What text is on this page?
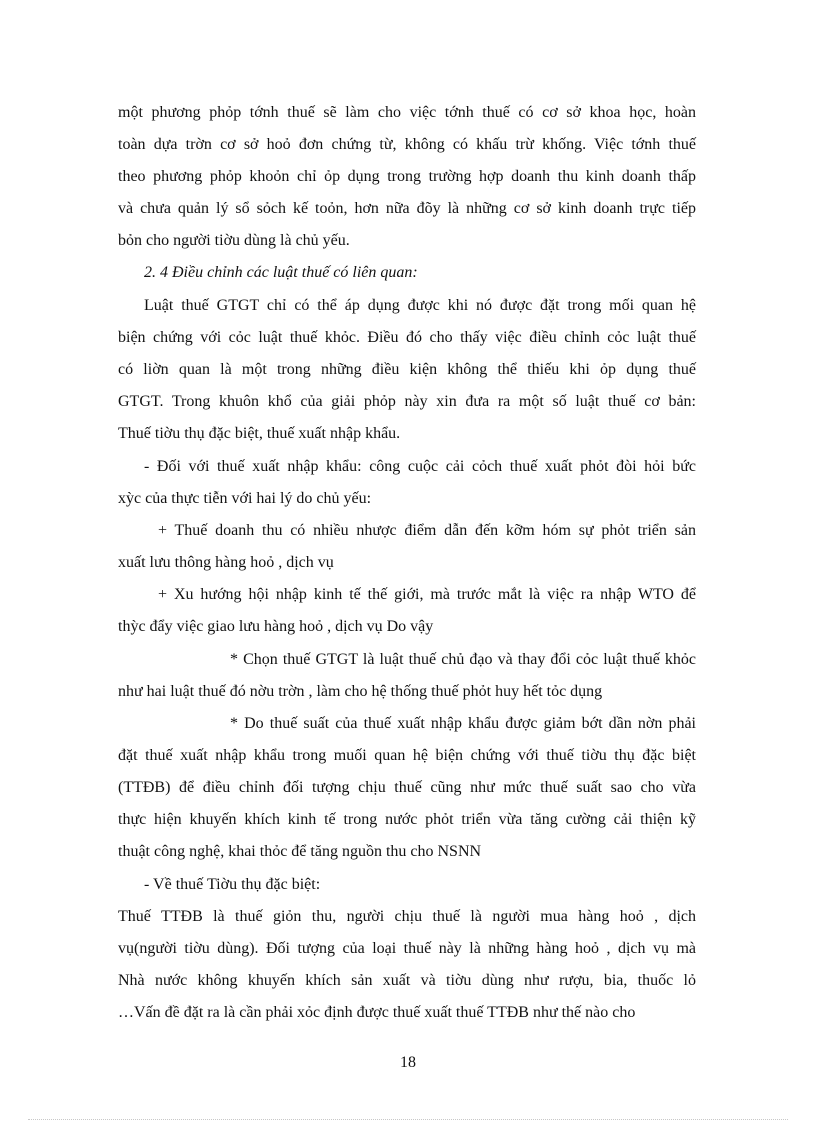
một phương phỏp tớnh thuế sẽ làm cho việc tớnh thuế có cơ sở khoa học, hoàn
toàn dựa trờn cơ sở hoỏ đơn chứng từ, không có khấu trừ khống. Việc tớnh thuế
theo phương phỏp khoỏn chỉ ỏp dụng trong trường hợp doanh thu kinh doanh thấp
và chưa quản lý sổ sỏch kế toỏn, hơn nữa đõy là những cơ sở kinh doanh trực tiếp
bỏn cho người tiờu dùng là chủ yếu.
2. 4 Điều chỉnh các luật thuế có liên quan:
Luật thuế GTGT chỉ có thể áp dụng được khi nó được đặt trong mối quan hệ
biện chứng với cỏc luật thuế khỏc. Điều đó cho thấy việc điều chỉnh cỏc luật thuế
có liờn quan là một trong những điều kiện không thể thiếu khi ỏp dụng thuế
GTGT. Trong khuôn khổ của giải phỏp này xin đưa ra một số luật thuế cơ bản:
Thuế tiờu thụ đặc biệt, thuế xuất nhập khẩu.
- Đối với thuế xuất nhập khẩu: công cuộc cải cỏch thuế xuất phỏt đòi hỏi bức
xỳc của thực tiễn với hai lý do chủ yếu:
+ Thuế doanh thu có nhiều nhược điểm dẫn đến kỡm hóm sự phỏt triển sản
xuất lưu thông hàng hoỏ , dịch vụ
+ Xu hướng hội nhập kinh tế thế giới, mà trước mắt là việc ra nhập WTO để
thỳc đẩy việc giao lưu hàng hoỏ , dịch vụ Do vậy
* Chọn thuế GTGT là luật thuế chủ đạo và thay đổi cỏc luật thuế khỏc
như hai luật thuế đó nờu trờn , làm cho hệ thống thuế phỏt huy hết tỏc dụng
* Do thuế suất của thuế xuất nhập khẩu được giảm bớt dần nờn phải
đặt thuế xuất nhập khẩu trong muối quan hệ biện chứng với thuế tiờu thụ đặc biệt
(TTĐB) để điều chỉnh đối tượng chịu thuế cũng như mức thuế suất sao cho vừa
thực hiện khuyến khích kinh tế trong nước phỏt triển vừa tăng cường cải thiện kỹ
thuật công nghệ, khai thỏc để tăng nguồn thu cho NSNN
- Về thuế Tiờu thụ đặc biệt:
Thuế TTĐB là thuế giỏn thu, người chịu thuế là người mua hàng hoỏ , dịch
vụ(người tiờu dùng). Đối tượng của loại thuế này là những hàng hoỏ , dịch vụ mà
Nhà nước không khuyến khích sản xuất và tiờu dùng như rượu, bia, thuốc lỏ
…Vấn đề đặt ra là cần phải xỏc định được thuế xuất thuế TTĐB như thế nào cho
18
